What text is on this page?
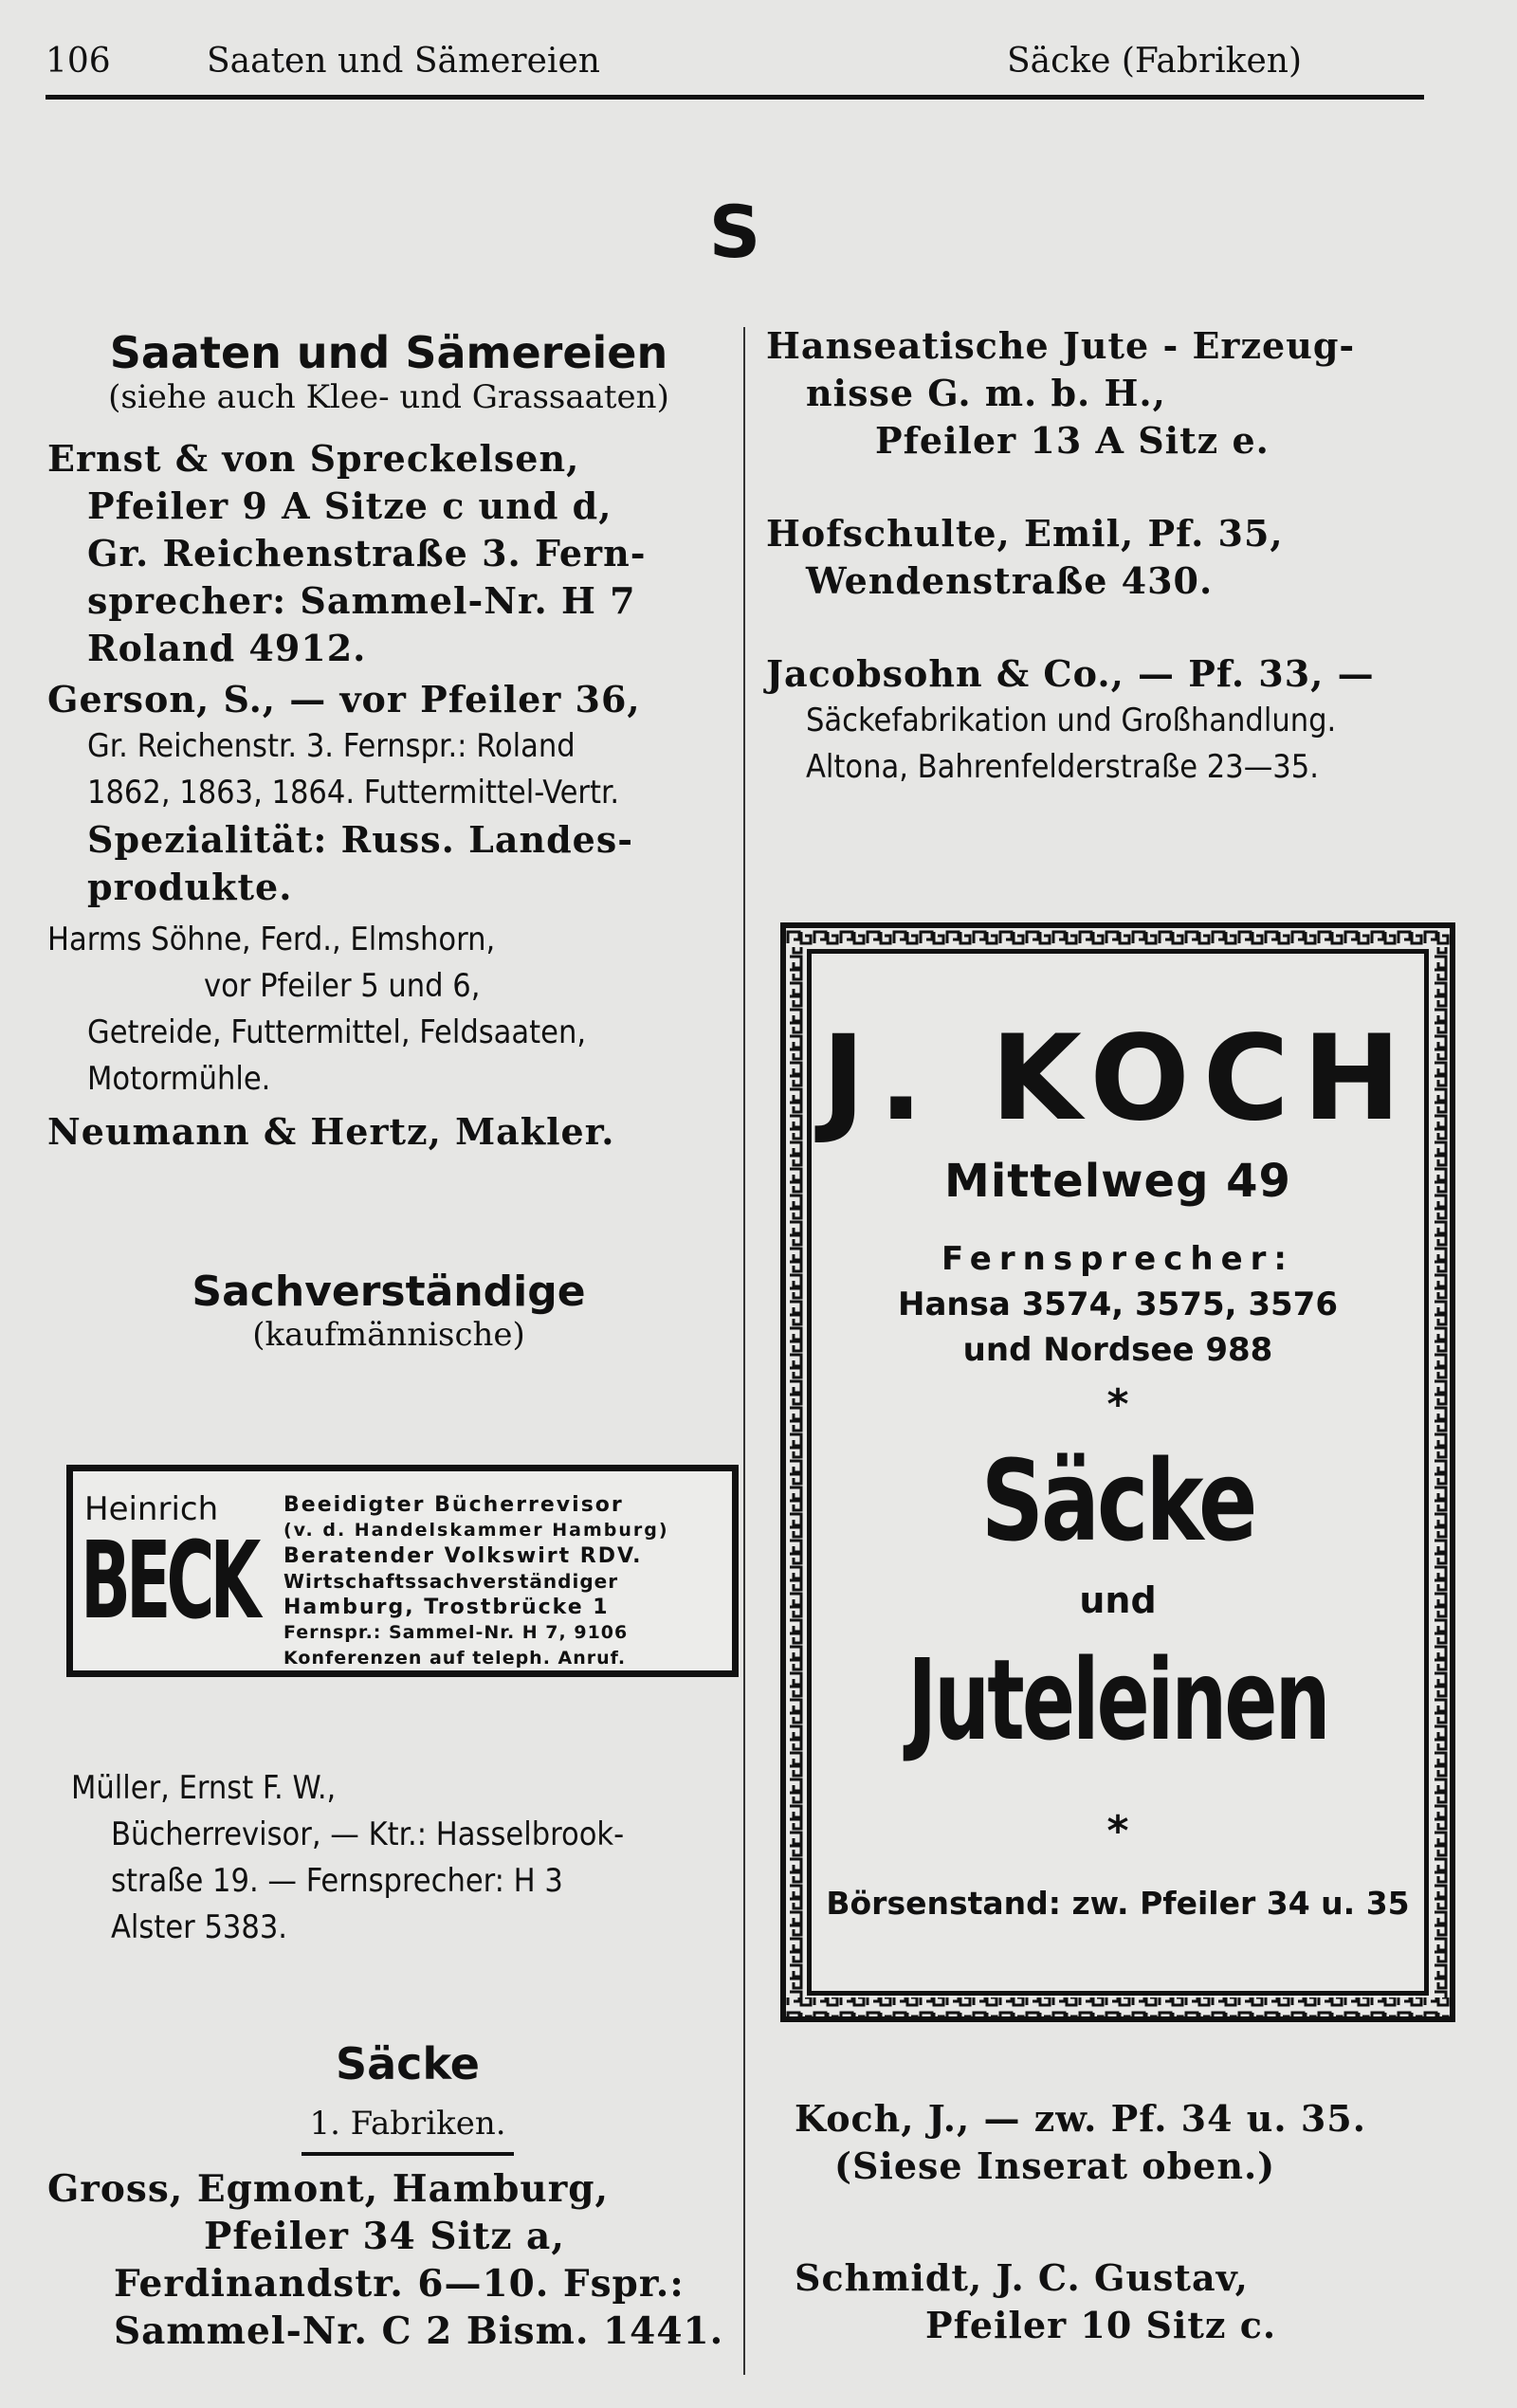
106	Saaten und Sämereien	Säcke (Fabriken)
S
Saaten und Sämereien
(siehe auch Klee- und Grassaaten)
Ernst & von Spreckelsen,
Pfeiler 9 A Sitze c und d,
Gr. Reichenstraße 3. Fern-
sprecher: Sammel-Nr. H 7
Roland 4912.
Gerson, S., — vor Pfeiler 36,
Gr. Reichenstr. 3. Fernspr.: Roland
1862, 1863, 1864. Futtermittel-Vertr.
Spezialität: Russ. Landes-
produkte.
Harms Söhne, Ferd., Elmshorn,
vor Pfeiler 5 und 6,
Getreide, Futtermittel, Feldsaaten,
Motormühle.
Neumann & Hertz, Makler.
Sachverständige
(kaufmännische)
Heinrich
BECK
Beeidigter Bücherrevisor
(v. d. Handelskammer Hamburg)
Beratender Volkswirt RDV.
Wirtschaftssachverständiger
Hamburg, Trostbrücke 1
Fernspr.: Sammel-Nr. H 7, 9106
Konferenzen auf teleph. Anruf.
Müller, Ernst F. W.,
Bücherrevisor, — Ktr.: Hasselbrook-
straße 19. — Fernsprecher: H 3
Alster 5383.
Säcke
1. Fabriken.
Gross, Egmont, Hamburg,
Pfeiler 34 Sitz a,
Ferdinandstr. 6—10. Fspr.:
Sammel-Nr. C 2 Bism. 1441.
Hanseatische Jute - Erzeug-
nisse G. m. b. H.,
Pfeiler 13 A Sitz e.
Hofschulte, Emil, Pf. 35,
Wendenstraße 430.
Jacobsohn & Co., — Pf. 33, —
Säckefabrikation und Großhandlung.
Altona, Bahrenfelderstraße 23—35.
J. KOCH
Mittelweg 49
Fernsprecher:
Hansa 3574, 3575, 3576
und Nordsee 988
*
Säcke
und
Juteleinen
*
Börsenstand: zw. Pfeiler 34 u. 35
Koch, J., — zw. Pf. 34 u. 35.
(Siese Inserat oben.)
Schmidt, J. C. Gustav,
Pfeiler 10 Sitz c.
